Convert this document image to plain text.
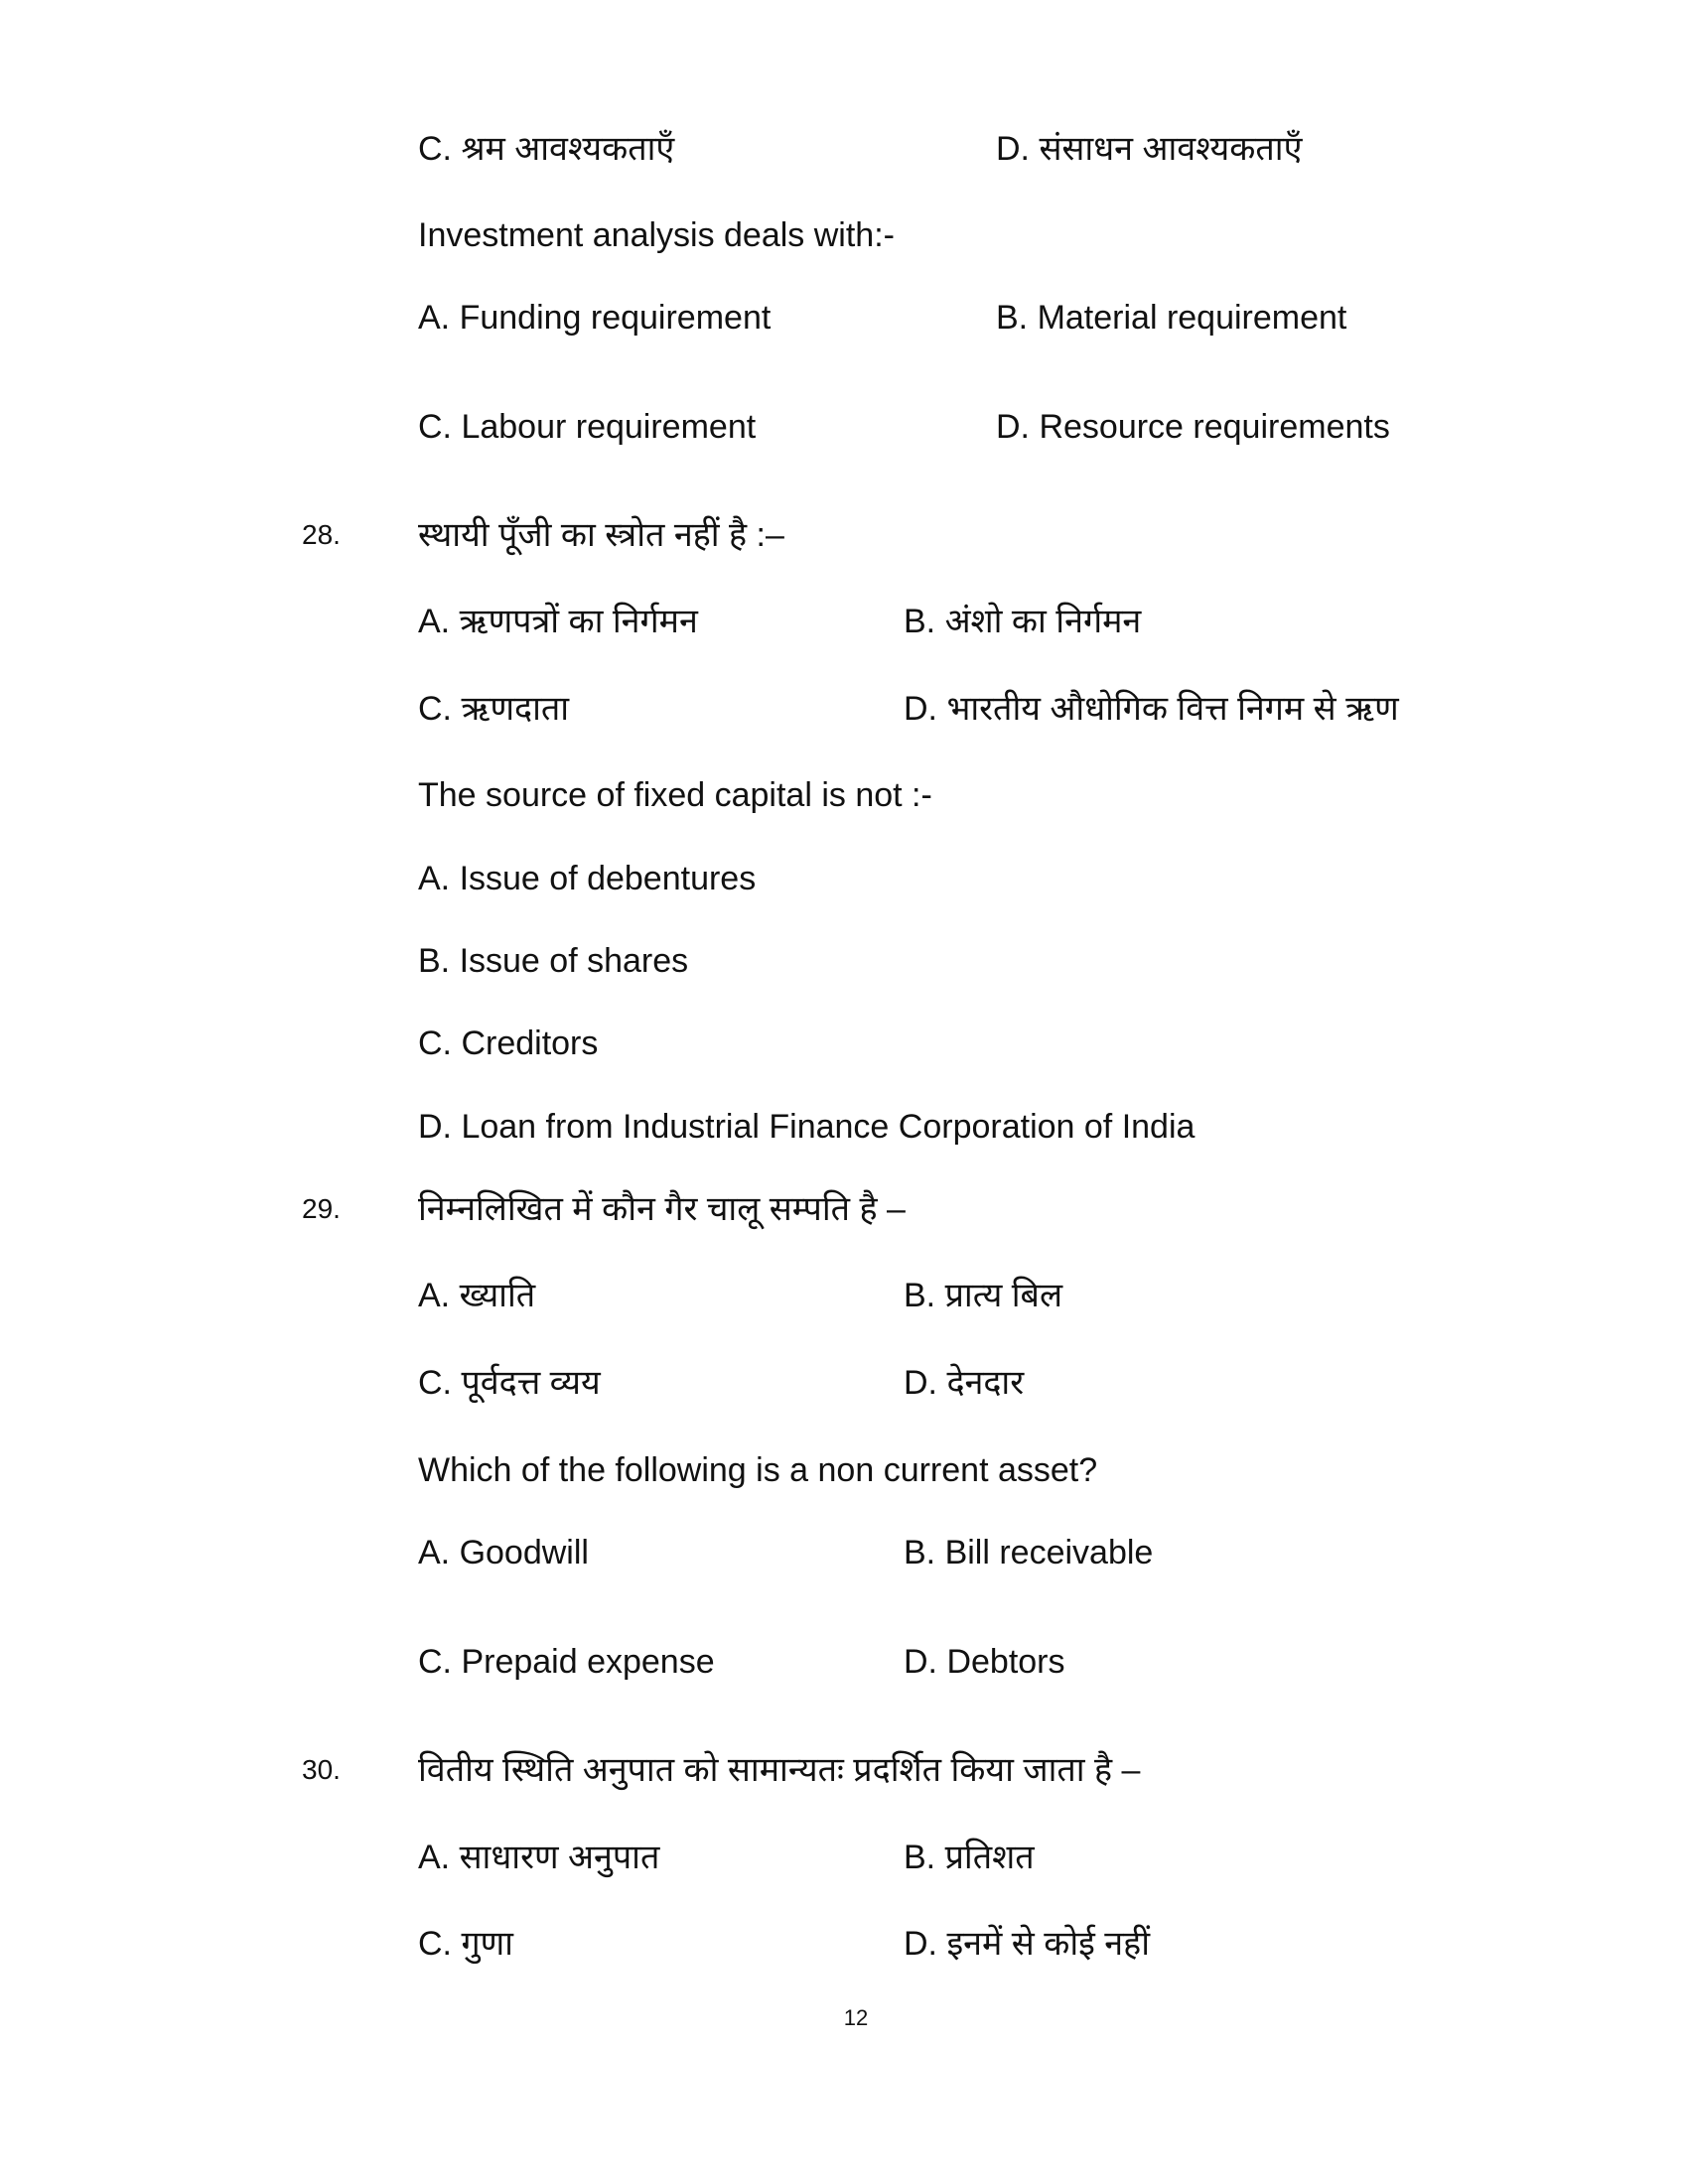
C. श्रम आवश्यकताएँ	D. संसाधन आवश्यकताएँ
Investment analysis deals with:-
A. Funding requirement	B. Material requirement
C. Labour requirement	D. Resource requirements
28. स्थायी पूँजी का स्त्रोत नहीं है :–
A. ऋणपत्रों का निर्गमन	B. अंशो का निर्गमन
C. ऋणदाता	D. भारतीय औधोगिक वित्त निगम से ऋण
The source of fixed capital is not :-
A. Issue of debentures
B. Issue of shares
C. Creditors
D. Loan from Industrial Finance Corporation of India
29. निम्नलिखित में कौन गैर चालू सम्पति है –
A. ख्याति	B. प्रात्य बिल
C. पूर्वदत्त व्यय	D. देनदार
Which of the following is a non current asset?
A. Goodwill	B. Bill receivable
C. Prepaid expense	D. Debtors
30. वितीय स्थिति अनुपात को सामान्यतः प्रदर्शित किया जाता है –
A. साधारण अनुपात	B. प्रतिशत
C. गुणा	D. इनमें से कोई नहीं
12
